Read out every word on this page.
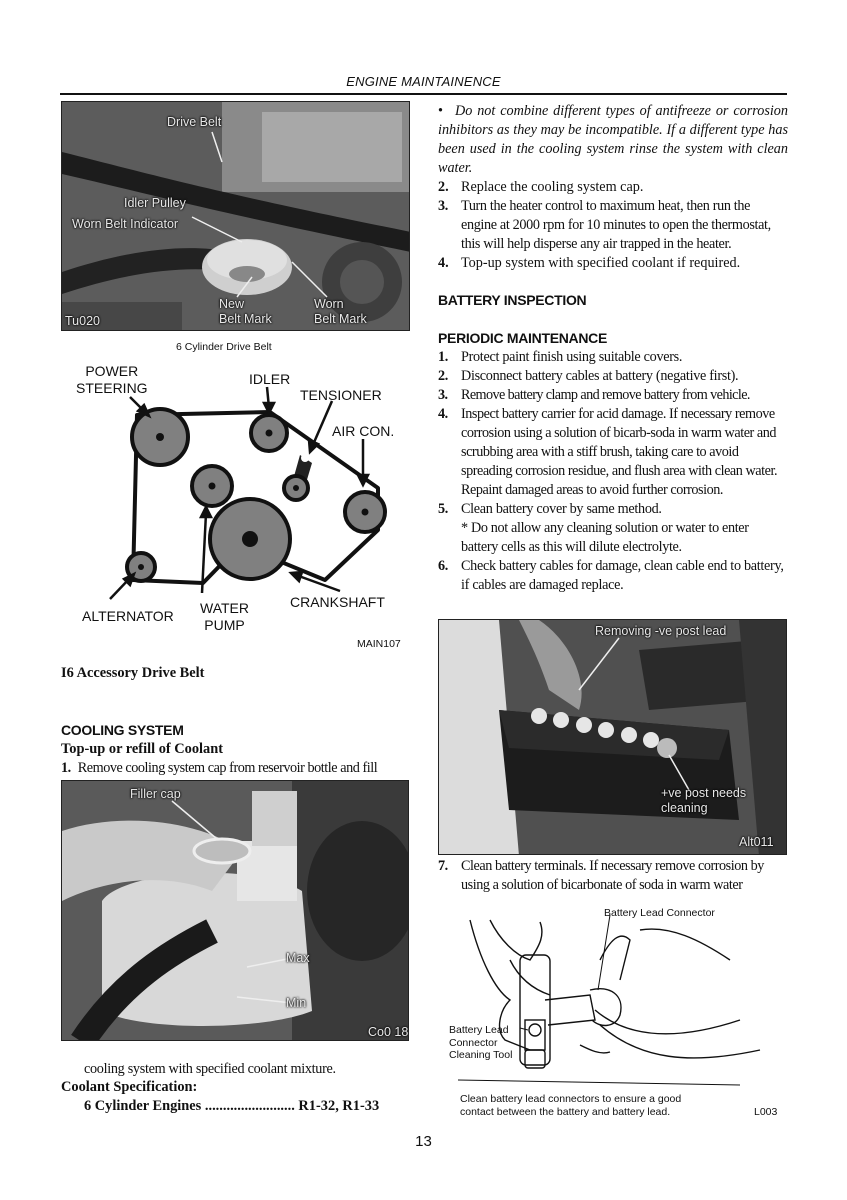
ENGINE MAINTAINENCE
Drive Belt
Idler Pulley
Worn Belt Indicator
New
Belt Mark
Worn
Belt Mark
Tu020
6 Cylinder Drive Belt
POWER
STEERING
IDLER
TENSIONER
AIR CON.
ALTERNATOR WATER
PUMP
CRANKSHAFT
MAIN107
I6 Accessory Drive Belt
COOLING SYSTEM
Top-up or refill of Coolant
1. Remove cooling system cap from reservoir bottle and fill
Filler cap
Max
Min
Co0 18
cooling system with specified coolant mixture.
Coolant Specification:
6 Cylinder Engines ......................... R1-32, R1-33
• Do not combine different types of antifreeze or corrosion inhibitors as they may be incompatible. If a different type has been used in the cooling system rinse the system with clean water.
2. Replace the cooling system cap.
3. Turn the heater control to maximum heat, then run the engine at 2000 rpm for 10 minutes to open the thermostat, this will help disperse any air trapped in the heater.
4. Top-up system with specified coolant if required.
BATTERY INSPECTION
PERIODIC MAINTENANCE
1. Protect paint finish using suitable covers.
2. Disconnect battery cables at battery (negative first).
3. Remove battery clamp and remove battery from vehicle.
4. Inspect battery carrier for acid damage. If necessary remove corrosion using a solution of bicarb-soda in warm water and scrubbing area with a stiff brush, taking care to avoid spreading corrosion residue, and flush area with clean water. Repaint damaged areas to avoid further corrosion.
5. Clean battery cover by same method.
* Do not allow any cleaning solution or water to enter battery cells as this will dilute electrolyte.
6. Check battery cables for damage, clean cable end to battery, if cables are damaged replace.
Removing -ve post lead
+ve post needs
cleaning
Alt011
7. Clean battery terminals. If necessary remove corrosion by using a solution of bicarbonate of soda in warm water
Battery Lead Connector
Battery Lead
Connector
Cleaning Tool
Clean battery lead connectors to ensure a good
contact between the battery and battery lead.	L003
13
